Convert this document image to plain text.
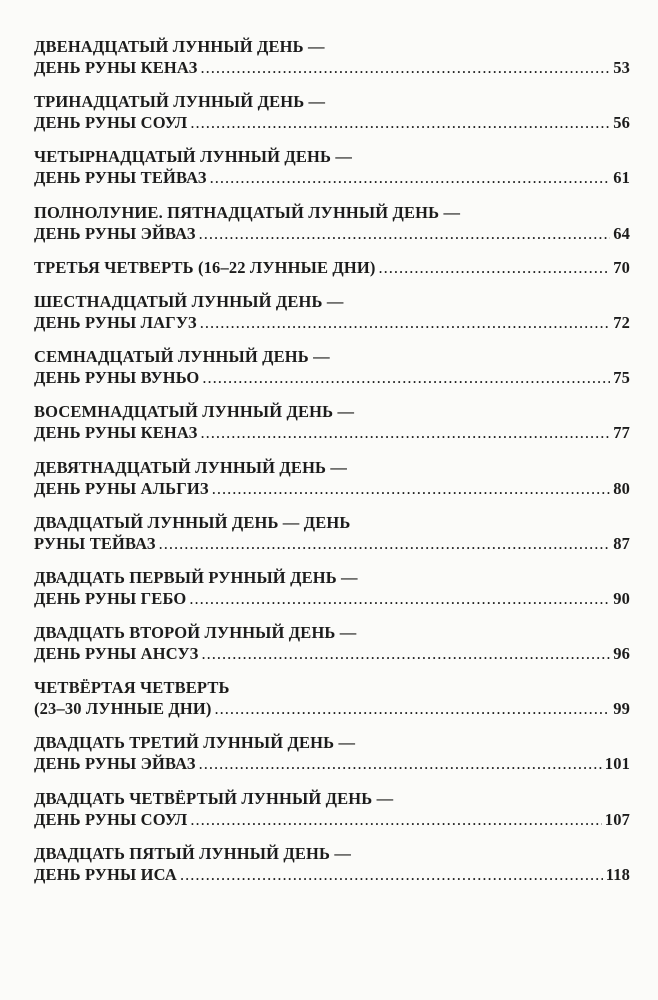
ДВЕНАДЦАТЫЙ ЛУННЫЙ ДЕНЬ —
ДЕНЬ РУНЫ КЕНАЗ .....	53
ТРИНАДЦАТЫЙ ЛУННЫЙ ДЕНЬ —
ДЕНЬ РУНЫ СОУЛ .....	56
ЧЕТЫРНАДЦАТЫЙ ЛУННЫЙ ДЕНЬ —
ДЕНЬ РУНЫ ТЕЙВАЗ .....	61
ПОЛНОЛУНИЕ. ПЯТНАДЦАТЫЙ ЛУННЫЙ ДЕНЬ —
ДЕНЬ РУНЫ ЭЙВАЗ .....	64
ТРЕТЬЯ ЧЕТВЕРТЬ (16–22 ЛУННЫЕ ДНИ) .....	70
ШЕСТНАДЦАТЫЙ ЛУННЫЙ ДЕНЬ —
ДЕНЬ РУНЫ ЛАГУЗ .....	72
СЕМНАДЦАТЫЙ ЛУННЫЙ ДЕНЬ —
ДЕНЬ РУНЫ ВУНЬО .....	75
ВОСЕМНАДЦАТЫЙ ЛУННЫЙ ДЕНЬ —
ДЕНЬ РУНЫ КЕНАЗ .....	77
ДЕВЯТНАДЦАТЫЙ ЛУННЫЙ ДЕНЬ —
ДЕНЬ РУНЫ АЛЬГИЗ .....	80
ДВАДЦАТЫЙ ЛУННЫЙ ДЕНЬ — ДЕНЬ
РУНЫ ТЕЙВАЗ .....	87
ДВАДЦАТЬ ПЕРВЫЙ РУННЫЙ ДЕНЬ —
ДЕНЬ РУНЫ ГЕБО .....	90
ДВАДЦАТЬ ВТОРОЙ ЛУННЫЙ ДЕНЬ —
ДЕНЬ РУНЫ АНСУЗ .....	96
ЧЕТВЁРТАЯ ЧЕТВЕРТЬ
(23–30 ЛУННЫЕ ДНИ) .....	99
ДВАДЦАТЬ ТРЕТИЙ ЛУННЫЙ ДЕНЬ —
ДЕНЬ РУНЫ ЭЙВАЗ .....	101
ДВАДЦАТЬ ЧЕТВЁРТЫЙ ЛУННЫЙ ДЕНЬ —
ДЕНЬ РУНЫ СОУЛ .....	107
ДВАДЦАТЬ ПЯТЫЙ ЛУННЫЙ ДЕНЬ —
ДЕНЬ РУНЫ ИСА .....	118
